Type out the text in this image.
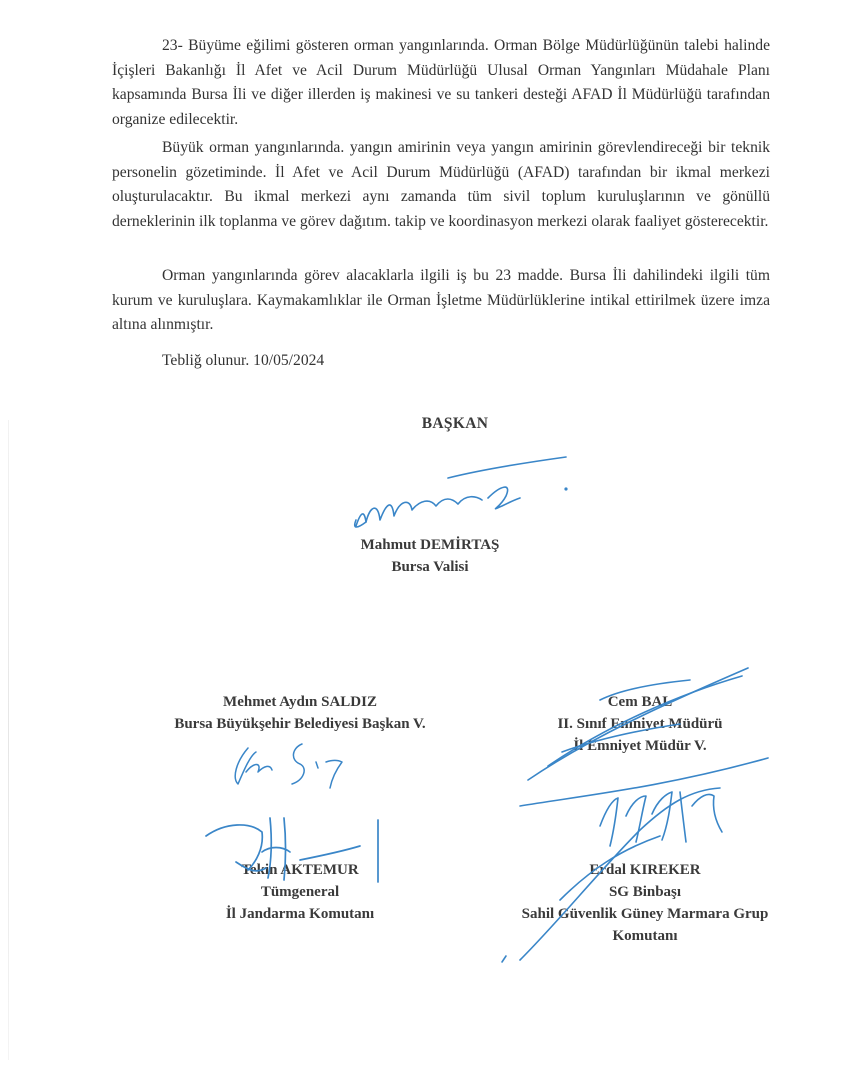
23- Büyüme eğilimi gösteren orman yangınlarında. Orman Bölge Müdürlüğünün talebi halinde İçişleri Bakanlığı İl Afet ve Acil Durum Müdürlüğü Ulusal Orman Yangınları Müdahale Planı kapsamında Bursa İli ve diğer illerden iş makinesi ve su tankeri desteği AFAD İl Müdürlüğü tarafından organize edilecektir.

Büyük orman yangınlarında. yangın amirinin veya yangın amirinin görevlendireceği bir teknik personelin gözetiminde. İl Afet ve Acil Durum Müdürlüğü (AFAD) tarafından bir ikmal merkezi oluşturulacaktır. Bu ikmal merkezi aynı zamanda tüm sivil toplum kuruluşlarının ve gönüllü derneklerinin ilk toplanma ve görev dağıtım. takip ve koordinasyon merkezi olarak faaliyet gösterecektir.

Orman yangınlarında görev alacaklarla ilgili iş bu 23 madde. Bursa İli dahilindeki ilgili tüm kurum ve kuruluşlara. Kaymakamlıklar ile Orman İşletme Müdürlüklerine intikal ettirilmek üzere imza altına alınmıştır.

Tebliğ olunur. 10/05/2024
BAŞKAN
Mahmut DEMİRTAŞ
Bursa Valisi
Mehmet Aydın SALDIZ
Bursa Büyükşehir Belediyesi Başkan V.
Cem BAL
II. Sınıf Emniyet Müdürü
İl Emniyet Müdür V.
Tekin AKTEMUR
Tümgeneral
İl Jandarma Komutanı
Erdal KIREKER
SG Binbaşı
Sahil Güvenlik Güney Marmara Grup
Komutanı
